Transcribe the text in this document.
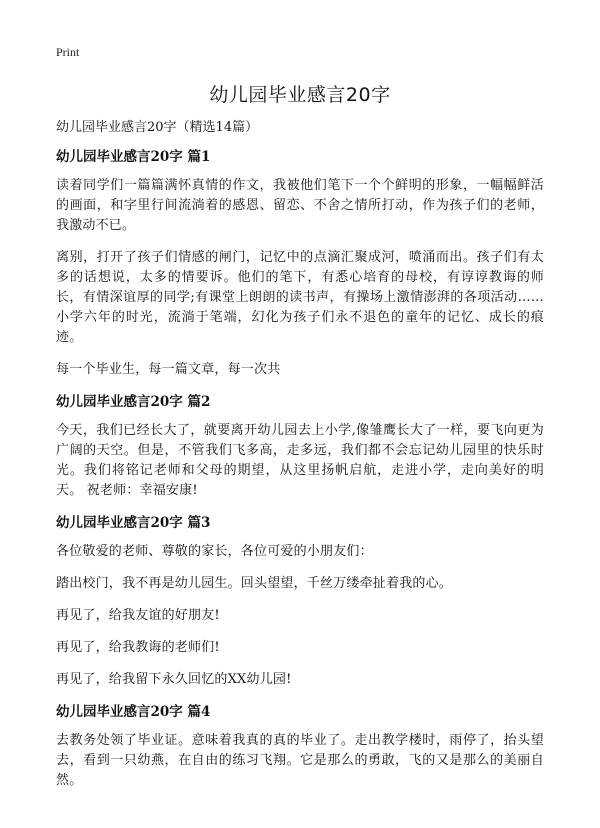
Print
幼儿园毕业感言20字

幼儿园毕业感言20字（精选14篇）

幼儿园毕业感言20字 篇1

读着同学们一篇篇满怀真情的作文，我被他们笔下一个个鲜明的形象，一幅幅鲜活的画面，和字里行间流淌着的感恩、留恋、不舍之情所打动，作为孩子们的老师，我激动不已。

离别，打开了孩子们情感的闸门，记忆中的点滴汇聚成河，喷涌而出。孩子们有太多的话想说，太多的情要诉。他们的笔下，有悉心培育的母校，有谆谆教诲的师长，有情深谊厚的同学;有课堂上朗朗的读书声，有操场上激情澎湃的各项活动……小学六年的时光，流淌于笔端，幻化为孩子们永不退色的童年的记忆、成长的痕迹。

每一个毕业生，每一篇文章，每一次共

幼儿园毕业感言20字 篇2

今天，我们已经长大了，就要离开幼儿园去上小学,像雏鹰长大了一样，要飞向更为广阔的天空。但是，不管我们飞多高，走多远，我们都不会忘记幼儿园里的快乐时光。我们将铭记老师和父母的期望，从这里扬帆启航，走进小学，走向美好的明天。 祝老师：幸福安康!

幼儿园毕业感言20字 篇3

各位敬爱的老师、尊敬的家长，各位可爱的小朋友们：

踏出校门，我不再是幼儿园生。回头望望，千丝万缕牵扯着我的心。

再见了，给我友谊的好朋友!

再见了，给我教诲的老师们!

再见了，给我留下永久回忆的XX幼儿园!

幼儿园毕业感言20字 篇4

去教务处领了毕业证。意味着我真的真的毕业了。走出教学楼时，雨停了，抬头望去，看到一只幼燕，在自由的练习飞翔。它是那么的勇敢，飞的又是那么的美丽自然。
